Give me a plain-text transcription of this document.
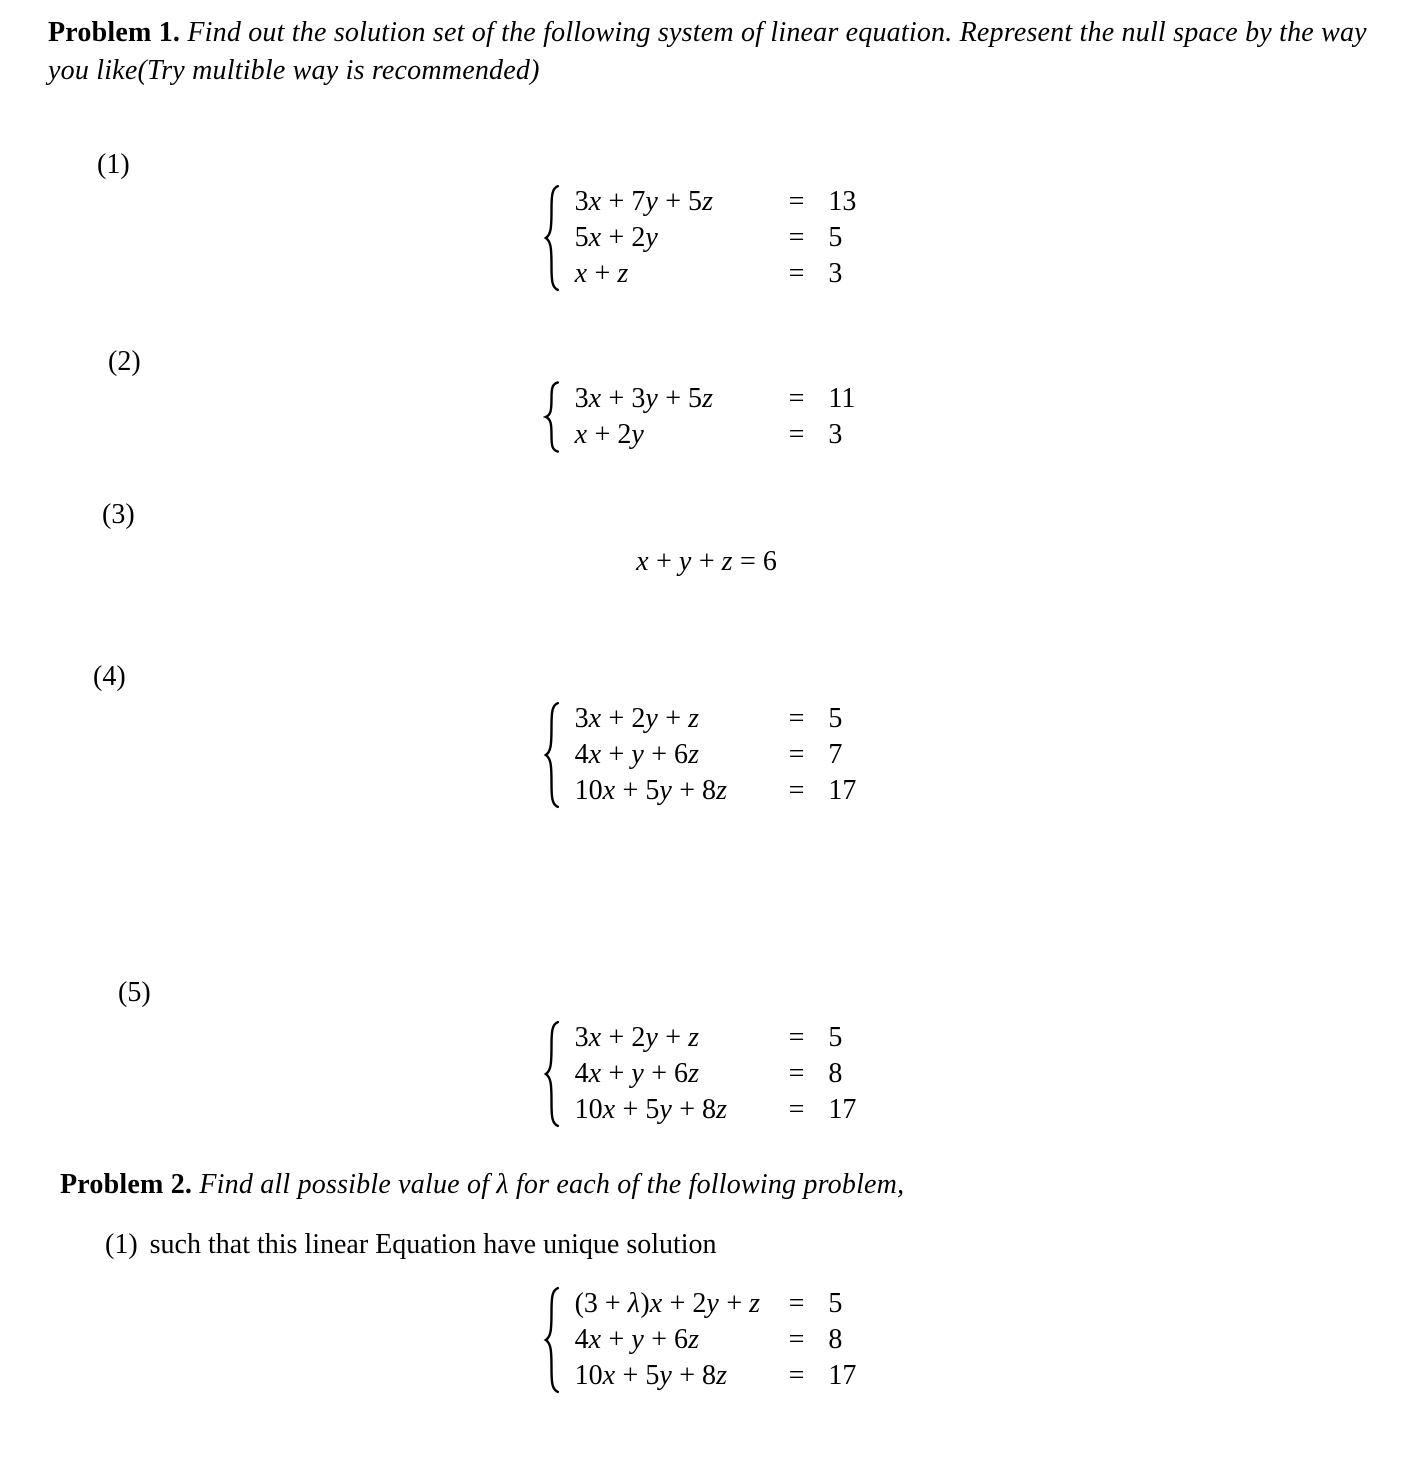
Problem 1. Find out the solution set of the following system of linear equation. Represent the null space by the way you like(Try multible way is recommended)
(1)
3x + 7y + 5z	= 13
5x + 2y	= 5
x + z	= 3
(2)
3x + 3y + 5z	= 11
x + 2y	= 3
(3)
x + y + z = 6
(4)
3x + 2y + z	= 5
4x + y + 6z	= 7
10x + 5y + 8z	= 17
(5)
3x + 2y + z	= 5
4x + y + 6z	= 8
10x + 5y + 8z	= 17
Problem 2. Find all possible value of λ for each of the following problem,
(1) such that this linear Equation have unique solution
(3 + λ)x + 2y + z = 5
4x + y + 6z	= 8
10x + 5y + 8z	= 17
